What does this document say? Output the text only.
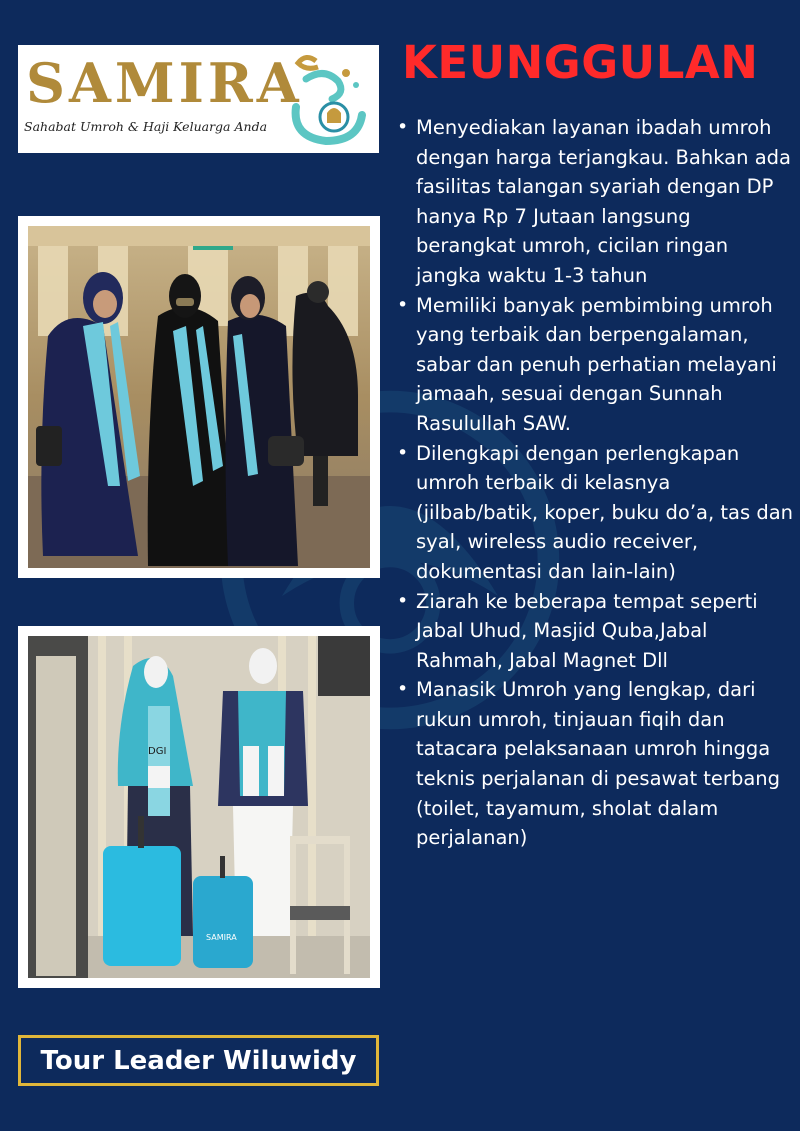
SAMIRA
Sahabat Umroh & Haji Keluarga Anda
DGI
SAMIRA
KEUNGGULAN
• Menyediakan layanan ibadah umroh dengan harga terjangkau. Bahkan ada fasilitas talangan syariah dengan DP hanya Rp 7 Jutaan langsung berangkat umroh, cicilan ringan jangka waktu 1-3 tahun
• Memiliki banyak pembimbing umroh yang terbaik dan berpengalaman, sabar dan penuh perhatian melayani jamaah, sesuai dengan Sunnah Rasulullah SAW.
• Dilengkapi dengan perlengkapan umroh terbaik di kelasnya (jilbab/batik, koper, buku do’a, tas dan syal, wireless audio receiver, dokumentasi dan lain-lain)
• Ziarah ke beberapa tempat seperti Jabal Uhud, Masjid Quba,Jabal Rahmah, Jabal Magnet Dll
• Manasik Umroh yang lengkap, dari rukun umroh, tinjauan fiqih dan tatacara pelaksanaan umroh hingga teknis perjalanan di pesawat terbang (toilet, tayamum, sholat dalam perjalanan)
Tour Leader Wiluwidy
